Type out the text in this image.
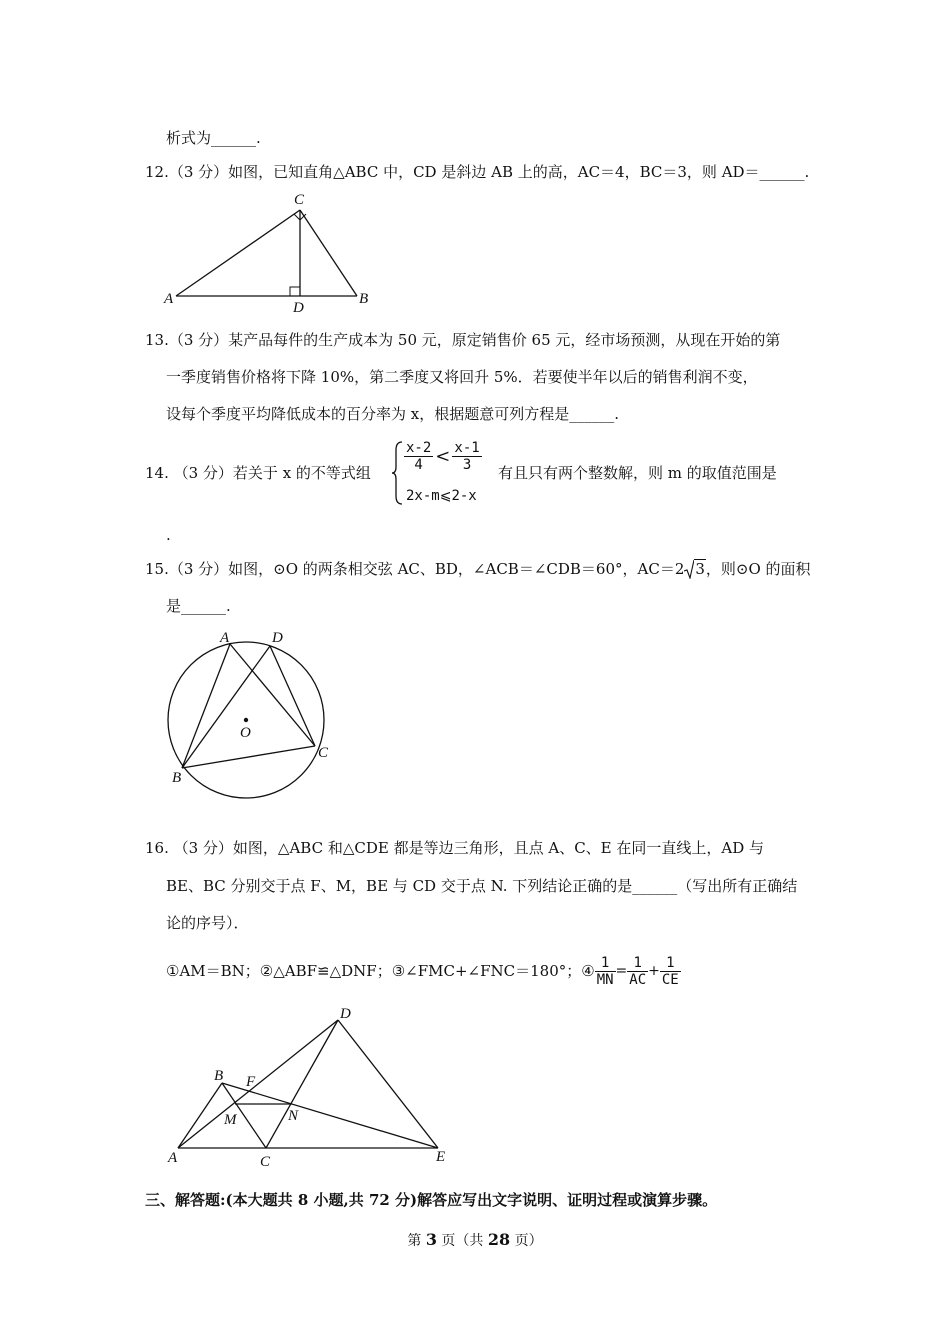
析式为______.
12.（3 分）如图，已知直角△ABC 中，CD 是斜边 AB 上的高，AC＝4，BC＝3，则 AD＝______.
C
A
D
B
13.（3 分）某产品每件的生产成本为 50 元，原定销售价 65 元，经市场预测，从现在开始的第
一季度销售价格将下降 10%，第二季度又将回升 5%．若要使半年以后的销售利润不变，
设每个季度平均降低成本的百分率为 x，根据题意可列方程是______.
14. （3 分）若关于 x 的不等式组 $\frac{x-2}{4} < \frac{x-1}{3}$
2x-m⩽2-x
有且只有两个整数解，则 m 的取值范围是
.
15.（3 分）如图，⊙O 的两条相交弦 AC、BD，∠ACB＝∠CDB＝60°，AC＝2 3，则⊙O 的面积
是______.
A	D
O
C
B
16. （3 分）如图，△ABC 和△CDE 都是等边三角形，且点 A、C、E 在同一直线上，AD 与
BE、BC 分别交于点 F、M，BE 与 CD 交于点 N. 下列结论正确的是______（写出所有正确结
论的序号）．
①AM＝BN；②△ABF≌△DNF；③∠FMC+∠FNC＝180°；④ $\frac{1}{MN} = \frac{1}{AC} + \frac{1}{CE}$
D
B F
M	N
A	C	E
三、解答题:(本大题共 8 小题,共 72 分)解答应写出文字说明、证明过程或演算步骤。
第 3 页（共 28 页）
